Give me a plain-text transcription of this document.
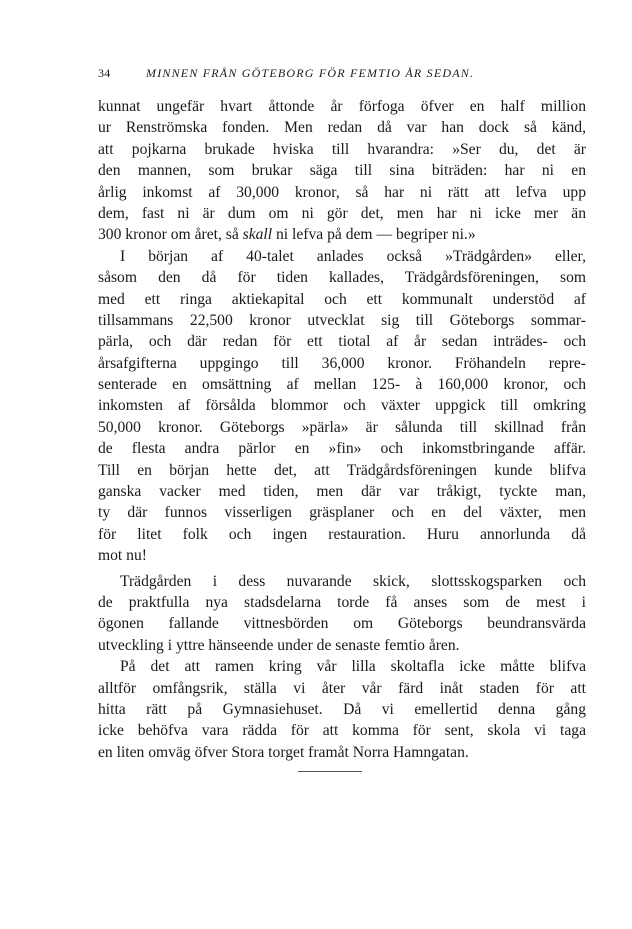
34	MINNEN FRÅN GÖTEBORG FÖR FEMTIO ÅR SEDAN.
kunnat ungefär hvart åttonde år förfoga öfver en half million
ur Renströmska fonden. Men redan då var han dock så känd,
att pojkarna brukade hviska till hvarandra: »Ser du, det är
den mannen, som brukar säga till sina biträden: har ni en
årlig inkomst af 30,000 kronor, så har ni rätt att lefva upp
dem, fast ni är dum om ni gör det, men har ni icke mer än
300 kronor om året, så skall ni lefva på dem — begriper ni.»
I början af 40-talet anlades också »Trädgården» eller,
såsom den då för tiden kallades, Trädgårdsföreningen, som
med ett ringa aktiekapital och ett kommunalt understöd af
tillsammans 22,500 kronor utvecklat sig till Göteborgs sommar-
pärla, och där redan för ett tiotal af år sedan inträdes- och
årsafgifterna uppgingo till 36,000 kronor. Fröhandeln repre-
senterade en omsättning af mellan 125- à 160,000 kronor, och
inkomsten af försålda blommor och växter uppgick till omkring
50,000 kronor. Göteborgs »pärla» är sålunda till skillnad från
de flesta andra pärlor en »fin» och inkomstbringande affär.
Till en början hette det, att Trädgårdsföreningen kunde blifva
ganska vacker med tiden, men där var tråkigt, tyckte man,
ty där funnos visserligen gräsplaner och en del växter, men
för litet folk och ingen restauration. Huru annorlunda då
mot nu!
Trädgården i dess nuvarande skick, slottsskogsparken och
de praktfulla nya stadsdelarna torde få anses som de mest i
ögonen fallande vittnesbörden om Göteborgs beundransvärda
utveckling i yttre hänseende under de senaste femtio åren.
På det att ramen kring vår lilla skoltafla icke måtte blifva
alltför omfångsrik, ställa vi åter vår färd inåt staden för att
hitta rätt på Gymnasiehuset. Då vi emellertid denna gång
icke behöfva vara rädda för att komma för sent, skola vi taga
en liten omväg öfver Stora torget framåt Norra Hamngatan.
